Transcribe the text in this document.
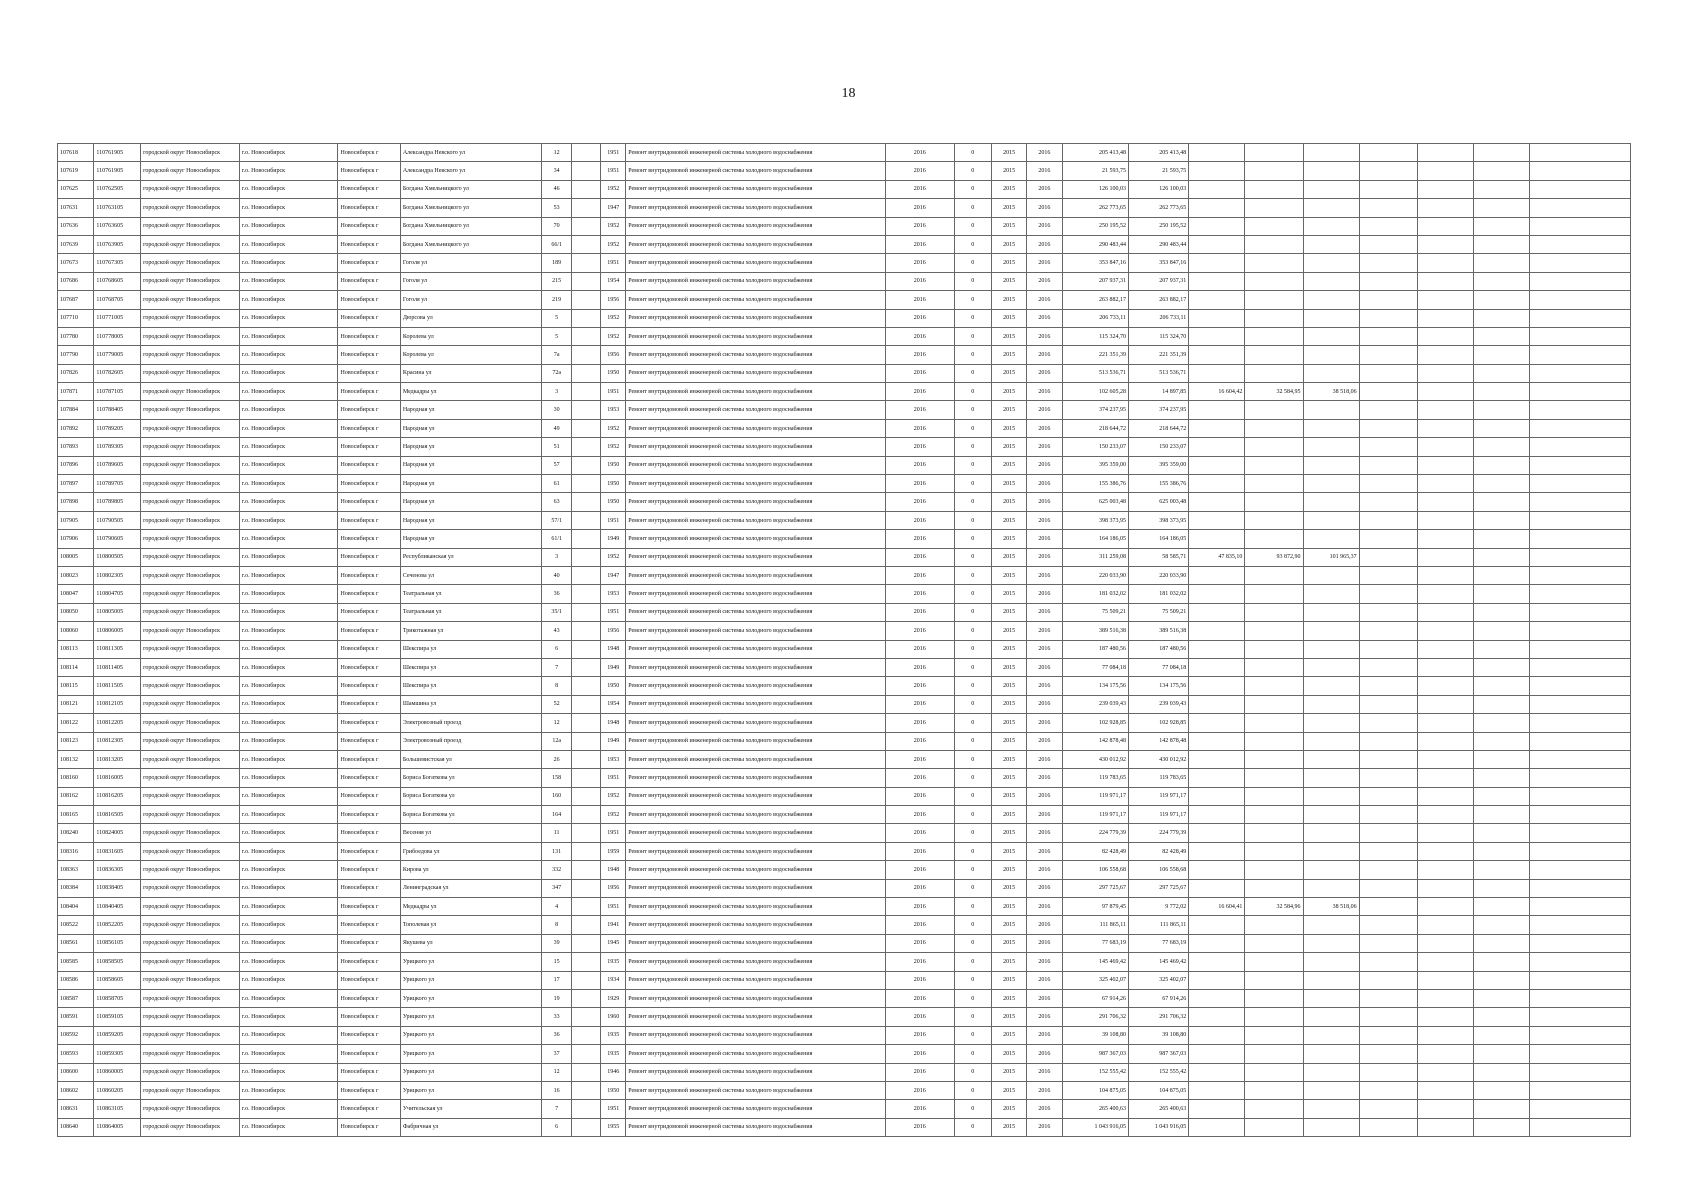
18
107618	110761905	городской округ Новосибирск	г.о. Новосибирск	Новосибирск г	Александра Невского ул	12		1951	Ремонт внутридомовой инженерной системы холодного водоснабжения	2016	0	2015	2016	205 413,48	205 413,48							
107619	110761905	городской округ Новосибирск	г.о. Новосибирск	Новосибирск г	Александра Невского ул	34		1951	Ремонт внутридомовой инженерной системы холодного водоснабжения	2016	0	2015	2016	21 593,75	21 593,75							
107625	110762505	городской округ Новосибирск	г.о. Новосибирск	Новосибирск г	Богдана Хмельницкого ул	46		1952	Ремонт внутридомовой инженерной системы холодного водоснабжения	2016	0	2015	2016	126 100,03	126 100,03							
107631	110763105	городской округ Новосибирск	г.о. Новосибирск	Новосибирск г	Богдана Хмельницкого ул	53		1947	Ремонт внутридомовой инженерной системы холодного водоснабжения	2016	0	2015	2016	262 773,65	262 773,65							
107636	110763605	городской округ Новосибирск	г.о. Новосибирск	Новосибирск г	Богдана Хмельницкого ул	70		1952	Ремонт внутридомовой инженерной системы холодного водоснабжения	2016	0	2015	2016	250 195,52	250 195,52							
107639	110763905	городской округ Новосибирск	г.о. Новосибирск	Новосибирск г	Богдана Хмельницкого ул	66/1		1952	Ремонт внутридомовой инженерной системы холодного водоснабжения	2016	0	2015	2016	290 483,44	290 483,44							
107673	110767305	городской округ Новосибирск	г.о. Новосибирск	Новосибирск г	Гоголя ул	189		1951	Ремонт внутридомовой инженерной системы холодного водоснабжения	2016	0	2015	2016	353 847,16	353 847,16							
107686	110768605	городской округ Новосибирск	г.о. Новосибирск	Новосибирск г	Гоголя ул	215		1954	Ремонт внутридомовой инженерной системы холодного водоснабжения	2016	0	2015	2016	207 937,31	207 937,31							
107687	110768705	городской округ Новосибирск	г.о. Новосибирск	Новосибирск г	Гоголя ул	219		1956	Ремонт внутридомовой инженерной системы холодного водоснабжения	2016	0	2015	2016	263 882,17	263 882,17							
107710	110771005	городской округ Новосибирск	г.о. Новосибирск	Новосибирск г	Дюрсова ул	5		1952	Ремонт внутридомовой инженерной системы холодного водоснабжения	2016	0	2015	2016	206 733,11	206 733,11							
107780	110778005	городской округ Новосибирск	г.о. Новосибирск	Новосибирск г	Королева ул	5		1952	Ремонт внутридомовой инженерной системы холодного водоснабжения	2016	0	2015	2016	115 324,70	115 324,70							
107790	110779005	городской округ Новосибирск	г.о. Новосибирск	Новосибирск г	Королева ул	7а		1956	Ремонт внутридомовой инженерной системы холодного водоснабжения	2016	0	2015	2016	221 351,39	221 351,39							
107826	110782605	городской округ Новосибирск	г.о. Новосибирск	Новосибирск г	Красина ул	72а		1950	Ремонт внутридомовой инженерной системы холодного водоснабжения	2016	0	2015	2016	513 536,71	513 536,71							
107871	110787105	городской округ Новосибирск	г.о. Новосибирск	Новосибирск г	Медкадры ул	3		1951	Ремонт внутридомовой инженерной системы холодного водоснабжения	2016	0	2015	2016	102 605,28	14 897,85	16 604,42	32 584,95	38 518,06				
107884	110788405	городской округ Новосибирск	г.о. Новосибирск	Новосибирск г	Народная ул	30		1953	Ремонт внутридомовой инженерной системы холодного водоснабжения	2016	0	2015	2016	374 237,95	374 237,95							
107892	110789205	городской округ Новосибирск	г.о. Новосибирск	Новосибирск г	Народная ул	49		1952	Ремонт внутридомовой инженерной системы холодного водоснабжения	2016	0	2015	2016	218 644,72	218 644,72							
107893	110789305	городской округ Новосибирск	г.о. Новосибирск	Новосибирск г	Народная ул	51		1952	Ремонт внутридомовой инженерной системы холодного водоснабжения	2016	0	2015	2016	150 233,07	150 233,07							
107896	110789605	городской округ Новосибирск	г.о. Новосибирск	Новосибирск г	Народная ул	57		1950	Ремонт внутридомовой инженерной системы холодного водоснабжения	2016	0	2015	2016	395 359,00	395 359,00							
107897	110789705	городской округ Новосибирск	г.о. Новосибирск	Новосибирск г	Народная ул	61		1950	Ремонт внутридомовой инженерной системы холодного водоснабжения	2016	0	2015	2016	155 386,76	155 386,76							
107898	110789805	городской округ Новосибирск	г.о. Новосибирск	Новосибирск г	Народная ул	63		1950	Ремонт внутридомовой инженерной системы холодного водоснабжения	2016	0	2015	2016	625 003,48	625 003,48							
107905	110790505	городской округ Новосибирск	г.о. Новосибирск	Новосибирск г	Народная ул	57/1		1951	Ремонт внутридомовой инженерной системы холодного водоснабжения	2016	0	2015	2016	398 373,95	398 373,95							
107906	110790605	городской округ Новосибирск	г.о. Новосибирск	Новосибирск г	Народная ул	61/1		1949	Ремонт внутридомовой инженерной системы холодного водоснабжения	2016	0	2015	2016	164 186,05	164 186,05							
108005	110800505	городской округ Новосибирск	г.о. Новосибирск	Новосибирск г	Республиканская ул	3		1952	Ремонт внутридомовой инженерной системы холодного водоснабжения	2016	0	2015	2016	311 259,08	58 585,71	47 835,10	93 872,90	101 965,37				
108023	110802305	городской округ Новосибирск	г.о. Новосибирск	Новосибирск г	Сеченова ул	40		1947	Ремонт внутридомовой инженерной системы холодного водоснабжения	2016	0	2015	2016	220 033,90	220 033,90							
108047	110804705	городской округ Новосибирск	г.о. Новосибирск	Новосибирск г	Театральная ул	36		1953	Ремонт внутридомовой инженерной системы холодного водоснабжения	2016	0	2015	2016	181 032,02	181 032,02							
108050	110805005	городской округ Новосибирск	г.о. Новосибирск	Новосибирск г	Театральная ул	35/1		1951	Ремонт внутридомовой инженерной системы холодного водоснабжения	2016	0	2015	2016	75 509,21	75 509,21							
108060	110806005	городской округ Новосибирск	г.о. Новосибирск	Новосибирск г	Трикотажная ул	43		1956	Ремонт внутридомовой инженерной системы холодного водоснабжения	2016	0	2015	2016	389 516,38	389 516,38							
108113	110811305	городской округ Новосибирск	г.о. Новосибирск	Новосибирск г	Шекспира ул	6		1948	Ремонт внутридомовой инженерной системы холодного водоснабжения	2016	0	2015	2016	187 480,56	187 480,56							
108114	110811405	городской округ Новосибирск	г.о. Новосибирск	Новосибирск г	Шекспира ул	7		1949	Ремонт внутридомовой инженерной системы холодного водоснабжения	2016	0	2015	2016	77 084,18	77 084,18							
108115	110811505	городской округ Новосибирск	г.о. Новосибирск	Новосибирск г	Шекспира ул	8		1950	Ремонт внутридомовой инженерной системы холодного водоснабжения	2016	0	2015	2016	134 175,56	134 175,56							
108121	110812105	городской округ Новосибирск	г.о. Новосибирск	Новосибирск г	Шамшина ул	52		1954	Ремонт внутридомовой инженерной системы холодного водоснабжения	2016	0	2015	2016	239 039,43	239 039,43							
108122	110812205	городской округ Новосибирск	г.о. Новосибирск	Новосибирск г	Электровозный проезд	12		1948	Ремонт внутридомовой инженерной системы холодного водоснабжения	2016	0	2015	2016	102 928,85	102 928,85							
108123	110812305	городской округ Новосибирск	г.о. Новосибирск	Новосибирск г	Электровозный проезд	12а		1949	Ремонт внутридомовой инженерной системы холодного водоснабжения	2016	0	2015	2016	142 878,48	142 878,48							
108132	110813205	городской округ Новосибирск	г.о. Новосибирск	Новосибирск г	Большевистская ул	26		1953	Ремонт внутридомовой инженерной системы холодного водоснабжения	2016	0	2015	2016	430 012,92	430 012,92							
108160	110816005	городской округ Новосибирск	г.о. Новосибирск	Новосибирск г	Бориса Богаткова ул	158		1951	Ремонт внутридомовой инженерной системы холодного водоснабжения	2016	0	2015	2016	119 783,65	119 783,65							
108162	110816205	городской округ Новосибирск	г.о. Новосибирск	Новосибирск г	Бориса Богаткова ул	160		1952	Ремонт внутридомовой инженерной системы холодного водоснабжения	2016	0	2015	2016	119 971,17	119 971,17							
108165	110816505	городской округ Новосибирск	г.о. Новосибирск	Новосибирск г	Бориса Богаткова ул	164		1952	Ремонт внутридомовой инженерной системы холодного водоснабжения	2016	0	2015	2016	119 971,17	119 971,17							
108240	110824005	городской округ Новосибирск	г.о. Новосибирск	Новосибирск г	Весеняя ул	11		1951	Ремонт внутридомовой инженерной системы холодного водоснабжения	2016	0	2015	2016	224 779,39	224 779,39							
108316	110831605	городской округ Новосибирск	г.о. Новосибирск	Новосибирск г	Грибоедова ул	131		1959	Ремонт внутридомовой инженерной системы холодного водоснабжения	2016	0	2015	2016	82 428,49	82 428,49							
108363	110836305	городской округ Новосибирск	г.о. Новосибирск	Новосибирск г	Кирова ул	332		1948	Ремонт внутридомовой инженерной системы холодного водоснабжения	2016	0	2015	2016	106 558,68	106 558,68							
108384	110838405	городской округ Новосибирск	г.о. Новосибирск	Новосибирск г	Ленинградская ул	347		1956	Ремонт внутридомовой инженерной системы холодного водоснабжения	2016	0	2015	2016	297 725,67	297 725,67							
108404	110840405	городской округ Новосибирск	г.о. Новосибирск	Новосибирск г	Медкадры ул	4		1951	Ремонт внутридомовой инженерной системы холодного водоснабжения	2016	0	2015	2016	97 879,45	9 772,02	16 604,41	32 584,96	38 518,06				
108522	110852205	городской округ Новосибирск	г.о. Новосибирск	Новосибирск г	Тополевая ул	8		1941	Ремонт внутридомовой инженерной системы холодного водоснабжения	2016	0	2015	2016	111 865,11	111 865,11							
108561	110856105	городской округ Новосибирск	г.о. Новосибирск	Новосибирск г	Якушева ул	39		1945	Ремонт внутридомовой инженерной системы холодного водоснабжения	2016	0	2015	2016	77 683,19	77 683,19							
108585	110858505	городской округ Новосибирск	г.о. Новосибирск	Новосибирск г	Урицкого ул	15		1935	Ремонт внутридомовой инженерной системы холодного водоснабжения	2016	0	2015	2016	145 469,42	145 469,42							
108586	110858605	городской округ Новосибирск	г.о. Новосибирск	Новосибирск г	Урицкого ул	17		1934	Ремонт внутридомовой инженерной системы холодного водоснабжения	2016	0	2015	2016	325 402,07	325 402,07							
108587	110858705	городской округ Новосибирск	г.о. Новосибирск	Новосибирск г	Урицкого ул	19		1929	Ремонт внутридомовой инженерной системы холодного водоснабжения	2016	0	2015	2016	67 914,26	67 914,26							
108591	110859105	городской округ Новосибирск	г.о. Новосибирск	Новосибирск г	Урицкого ул	33		1960	Ремонт внутридомовой инженерной системы холодного водоснабжения	2016	0	2015	2016	291 706,32	291 706,32							
108592	110859205	городской округ Новосибирск	г.о. Новосибирск	Новосибирск г	Урицкого ул	36		1935	Ремонт внутридомовой инженерной системы холодного водоснабжения	2016	0	2015	2016	39 108,80	39 108,80							
108593	110859305	городской округ Новосибирск	г.о. Новосибирск	Новосибирск г	Урицкого ул	37		1935	Ремонт внутридомовой инженерной системы холодного водоснабжения	2016	0	2015	2016	987 367,03	987 367,03							
108600	110860005	городской округ Новосибирск	г.о. Новосибирск	Новосибирск г	Урицкого ул	12		1946	Ремонт внутридомовой инженерной системы холодного водоснабжения	2016	0	2015	2016	152 555,42	152 555,42							
108602	110860205	городской округ Новосибирск	г.о. Новосибирск	Новосибирск г	Урицкого ул	16		1950	Ремонт внутридомовой инженерной системы холодного водоснабжения	2016	0	2015	2016	104 875,05	104 875,05							
108631	110863105	городской округ Новосибирск	г.о. Новосибирск	Новосибирск г	Учительская ул	7		1951	Ремонт внутридомовой инженерной системы холодного водоснабжения	2016	0	2015	2016	265 400,63	265 400,63							
108640	110864005	городской округ Новосибирск	г.о. Новосибирск	Новосибирск г	Фабричная ул	6		1955	Ремонт внутридомовой инженерной системы холодного водоснабжения	2016	0	2015	2016	1 043 916,05	1 043 916,05							
